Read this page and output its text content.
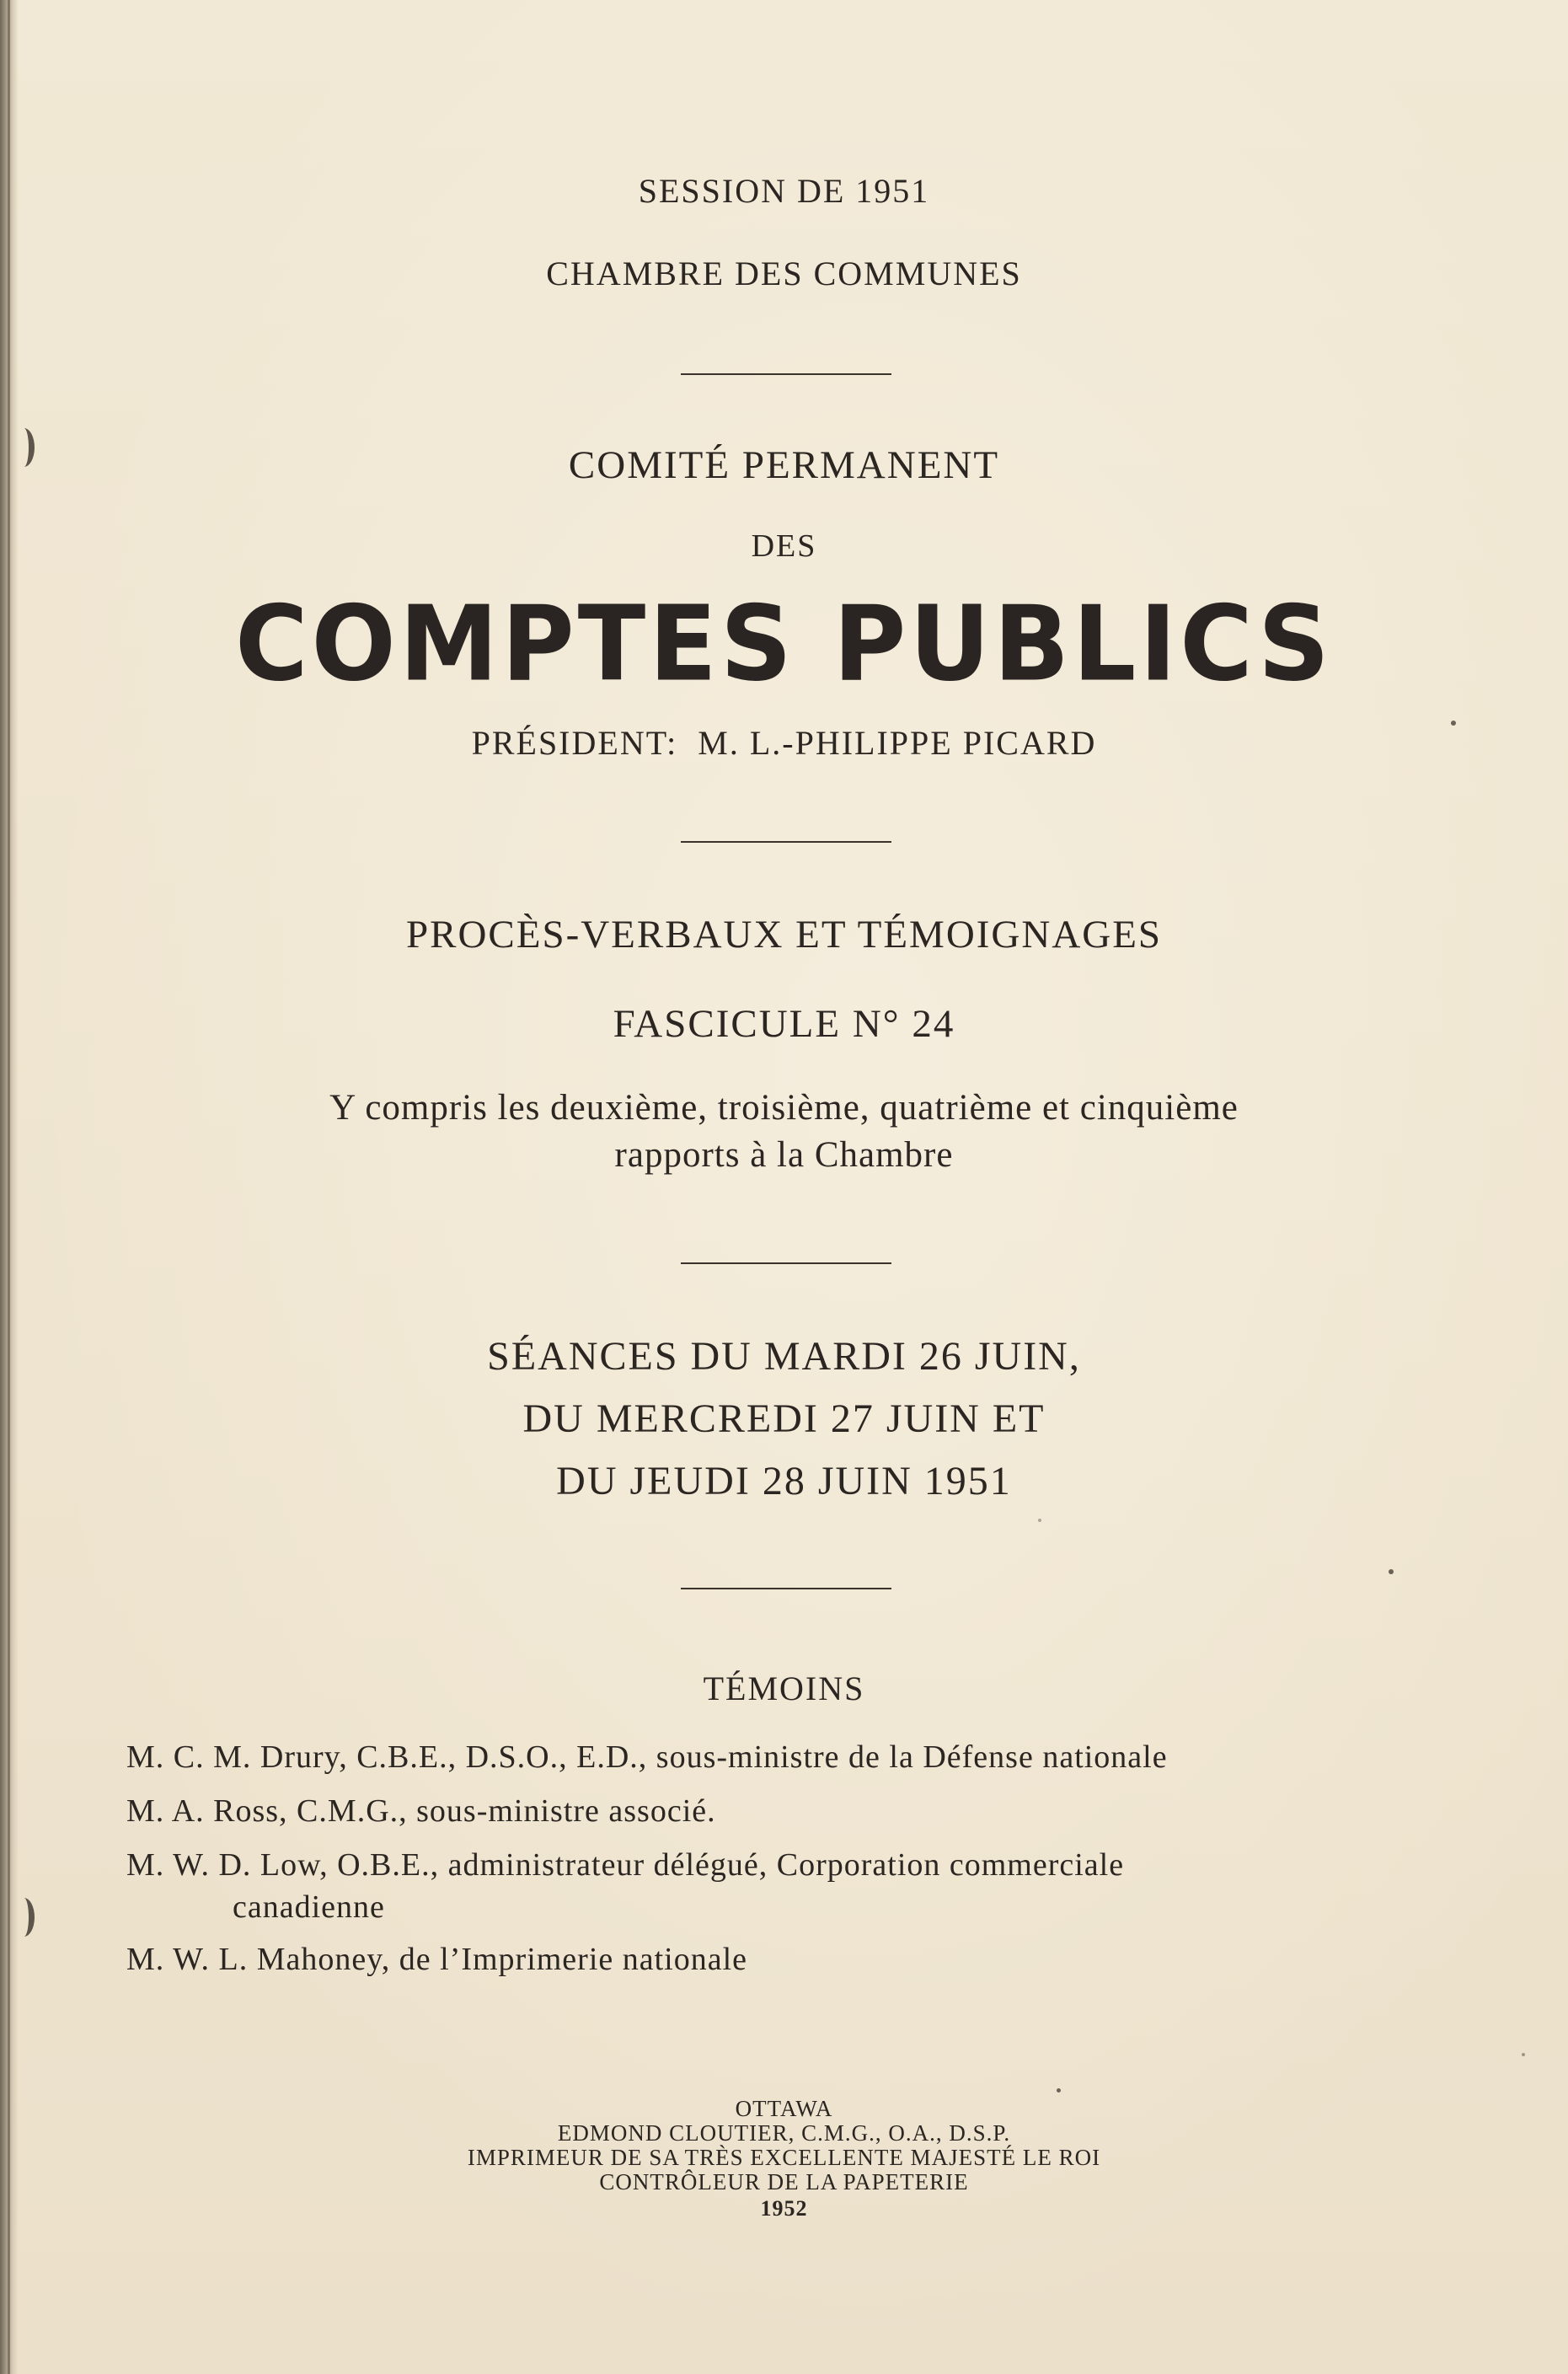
SESSION DE 1951
CHAMBRE DES COMMUNES
COMITÉ PERMANENT
DES
COMPTES PUBLICS
PRÉSIDENT:  M. L.-PHILIPPE PICARD
PROCÈS-VERBAUX ET TÉMOIGNAGES
FASCICULE N° 24
Y compris les deuxième, troisième, quatrième et cinquième
rapports à la Chambre
SÉANCES DU MARDI 26 JUIN,
DU MERCREDI 27 JUIN ET
DU JEUDI 28 JUIN 1951
TÉMOINS
M. C. M. Drury, C.B.E., D.S.O., E.D., sous-ministre de la Défense nationale
M. A. Ross, C.M.G., sous-ministre associé.
M. W. D. Low, O.B.E., administrateur délégué, Corporation commerciale
canadienne
M. W. L. Mahoney, de l’Imprimerie nationale
OTTAWA
EDMOND CLOUTIER, C.M.G., O.A., D.S.P.
IMPRIMEUR DE SA TRÈS EXCELLENTE MAJESTÉ LE ROI
CONTRÔLEUR DE LA PAPETERIE
1952
